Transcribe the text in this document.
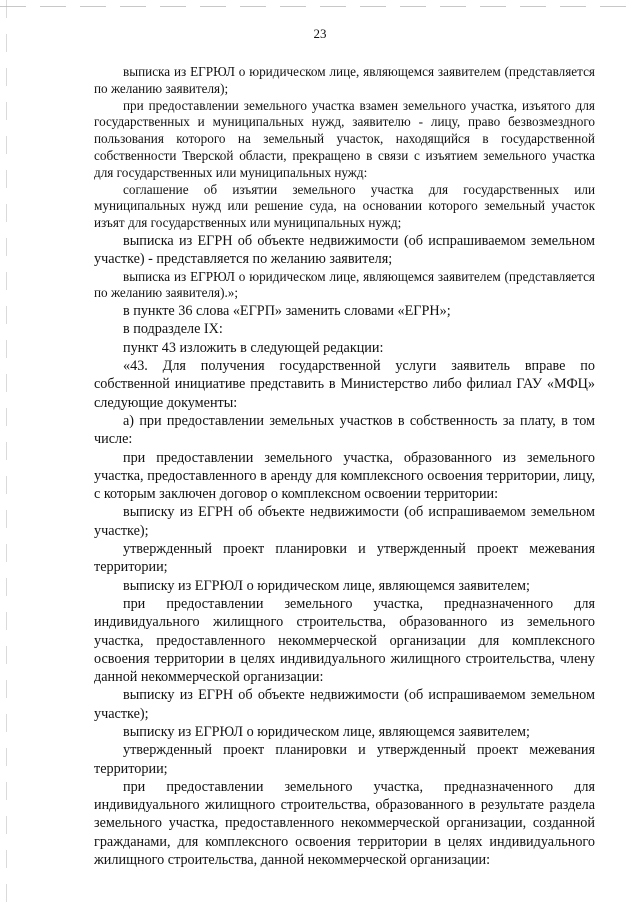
23

выписка из ЕГРЮЛ о юридическом лице, являющемся заявителем (представляется по желанию заявителя);

при предоставлении земельного участка взамен земельного участка, изъятого для государственных и муниципальных нужд, заявителю - лицу, право безвозмездного пользования которого на земельный участок, находящийся в государственной собственности Тверской области, прекращено в связи с изъятием земельного участка для государственных или муниципальных нужд:

соглашение об изъятии земельного участка для государственных или муниципальных нужд или решение суда, на основании которого земельный участок изъят для государственных или муниципальных нужд;

выписка из ЕГРН об объекте недвижимости (об испрашиваемом земельном участке) - представляется по желанию заявителя;

выписка из ЕГРЮЛ о юридическом лице, являющемся заявителем (представляется по желанию заявителя).»;

в пункте 36 слова «ЕГРП» заменить словами «ЕГРН»;

в подразделе IX:

пункт 43 изложить в следующей редакции:

«43. Для получения государственной услуги заявитель вправе по собственной инициативе представить в Министерство либо филиал ГАУ «МФЦ» следующие документы:

а) при предоставлении земельных участков в собственность за плату, в том числе:

при предоставлении земельного участка, образованного из земельного участка, предоставленного в аренду для комплексного освоения территории, лицу, с которым заключен договор о комплексном освоении территории:

выписку из ЕГРН об объекте недвижимости (об испрашиваемом земельном участке);

утвержденный проект планировки и утвержденный проект межевания территории;

выписку из ЕГРЮЛ о юридическом лице, являющемся заявителем;

при предоставлении земельного участка, предназначенного для индивидуального жилищного строительства, образованного из земельного участка, предоставленного некоммерческой организации для комплексного освоения территории в целях индивидуального жилищного строительства, члену данной некоммерческой организации:

выписку из ЕГРН об объекте недвижимости (об испрашиваемом земельном участке);

выписку из ЕГРЮЛ о юридическом лице, являющемся заявителем;

утвержденный проект планировки и утвержденный проект межевания территории;

при предоставлении земельного участка, предназначенного для индивидуального жилищного строительства, образованного в результате раздела земельного участка, предоставленного некоммерческой организации, созданной гражданами, для комплексного освоения территории в целях индивидуального жилищного строительства, данной некоммерческой организации:
